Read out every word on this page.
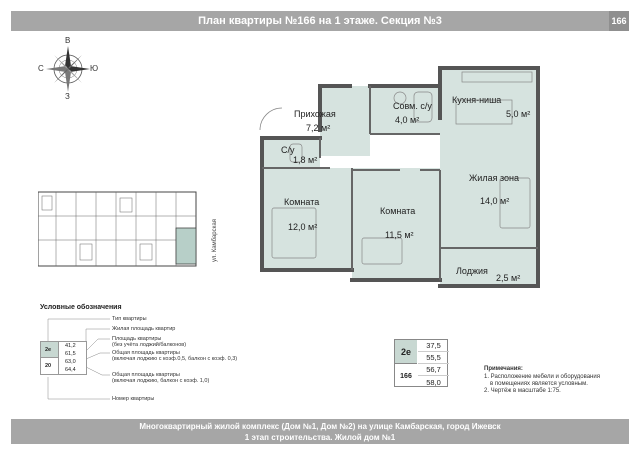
План квартиры №166 на 1 этаже. Секция №3	166
В
З
С	Ю
ул. Камбарская
Прихожая
7,2 м²
Совм. с/у
4,0 м²
Кухня-ниша
5,0 м²
С/у
1,8 м²
Комната
12,0 м²
Комната
11,5 м²
Жилая зона
14,0 м²
Лоджия
2,5 м²
Условные обозначения
Тип квартиры
Жилая площадь квартир
Площадь квартиры
(без учёта лоджий/балконов)
Общая площадь квартиры
(включая лоджию с коэф.0,5, балкон с коэф. 0,3)
Общая площадь квартиры
(включая лоджию, балкон с коэф. 1,0)
Номер квартиры
2е
20
41,2
61,5
63,0
64,4
2е
166
37,5
55,5
56,7
58,0
Примечания:
1. Расположение мебели и оборудования
в помещениях является условным.
2. Чертёж в масштабе 1:75.
Многоквартирный жилой комплекс (Дом №1, Дом №2) на улице Камбарская, город Ижевск
1 этап строительства. Жилой дом №1
